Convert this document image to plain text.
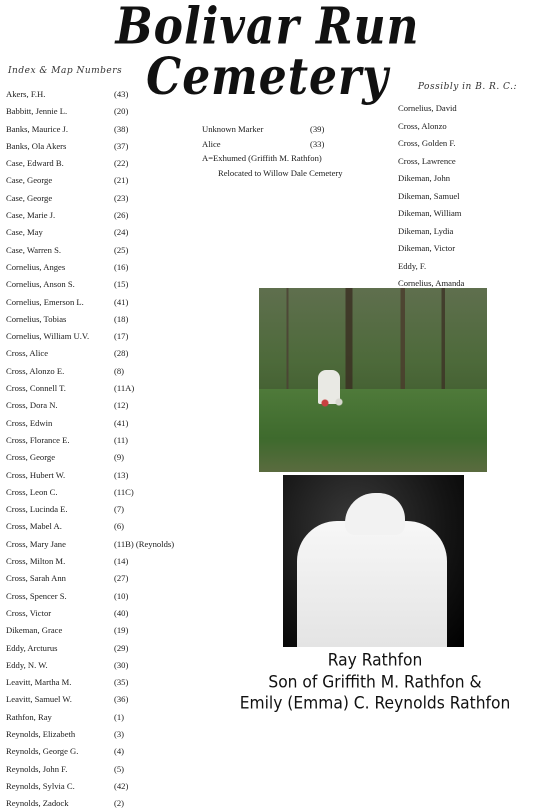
Bolivar Run Cemetery
Index & Map Numbers
Possibly in B. R. C.:
Akers, F.H.	(43)
Babbitt, Jennie L.	(20)
Banks, Maurice J.	(38)
Banks, Ola Akers	(37)
Case, Edward B.	(22)
Case, George	(21)
Case, George	(23)
Case, Marie J.	(26)
Case, May	(24)
Case, Warren S.	(25)
Cornelius, Anges	(16)
Cornelius, Anson S.	(15)
Cornelius, Emerson L.	(41)
Cornelius, Tobias	(18)
Cornelius, William U.V.	(17)
Cross, Alice	(28)
Cross, Alonzo E.	(8)
Cross, Connell T.	(11A)
Cross, Dora N.	(12)
Cross, Edwin	(41)
Cross, Florance E.	(11)
Cross, George	(9)
Cross, Hubert W.	(13)
Cross, Leon C.	(11C)
Cross, Lucinda E.	(7)
Cross, Mabel A.	(6)
Cross, Mary Jane	(11B) (Reynolds)
Cross, Milton M.	(14)
Cross, Sarah Ann	(27)
Cross, Spencer S.	(10)
Cross, Victor	(40)
Dikeman, Grace	(19)
Eddy, Arcturus	(29)
Eddy, N. W.	(30)
Leavitt, Martha M.	(35)
Leavitt, Samuel W.	(36)
Rathfon, Ray	(1)
Reynolds, Elizabeth	(3)
Reynolds, George G.	(4)
Reynolds, John F.	(5)
Reynolds, Sylvia C.	(42)
Reynolds, Zadock	(2)
Unknown Marker	(39)
Alice	(33)
A=Exhumed (Griffith M. Rathfon)
Relocated to Willow Dale Cemetery
Cornelius, David
Cross, Alonzo
Cross, Golden F.
Cross, Lawrence
Dikeman, John
Dikeman, Samuel
Dikeman, William
Dikeman, Lydia
Dikeman, Victor
Eddy, F.
Cornelius, Amanda
Ray Rathfon
Son of Griffith M. Rathfon &
Emily (Emma) C. Reynolds Rathfon
